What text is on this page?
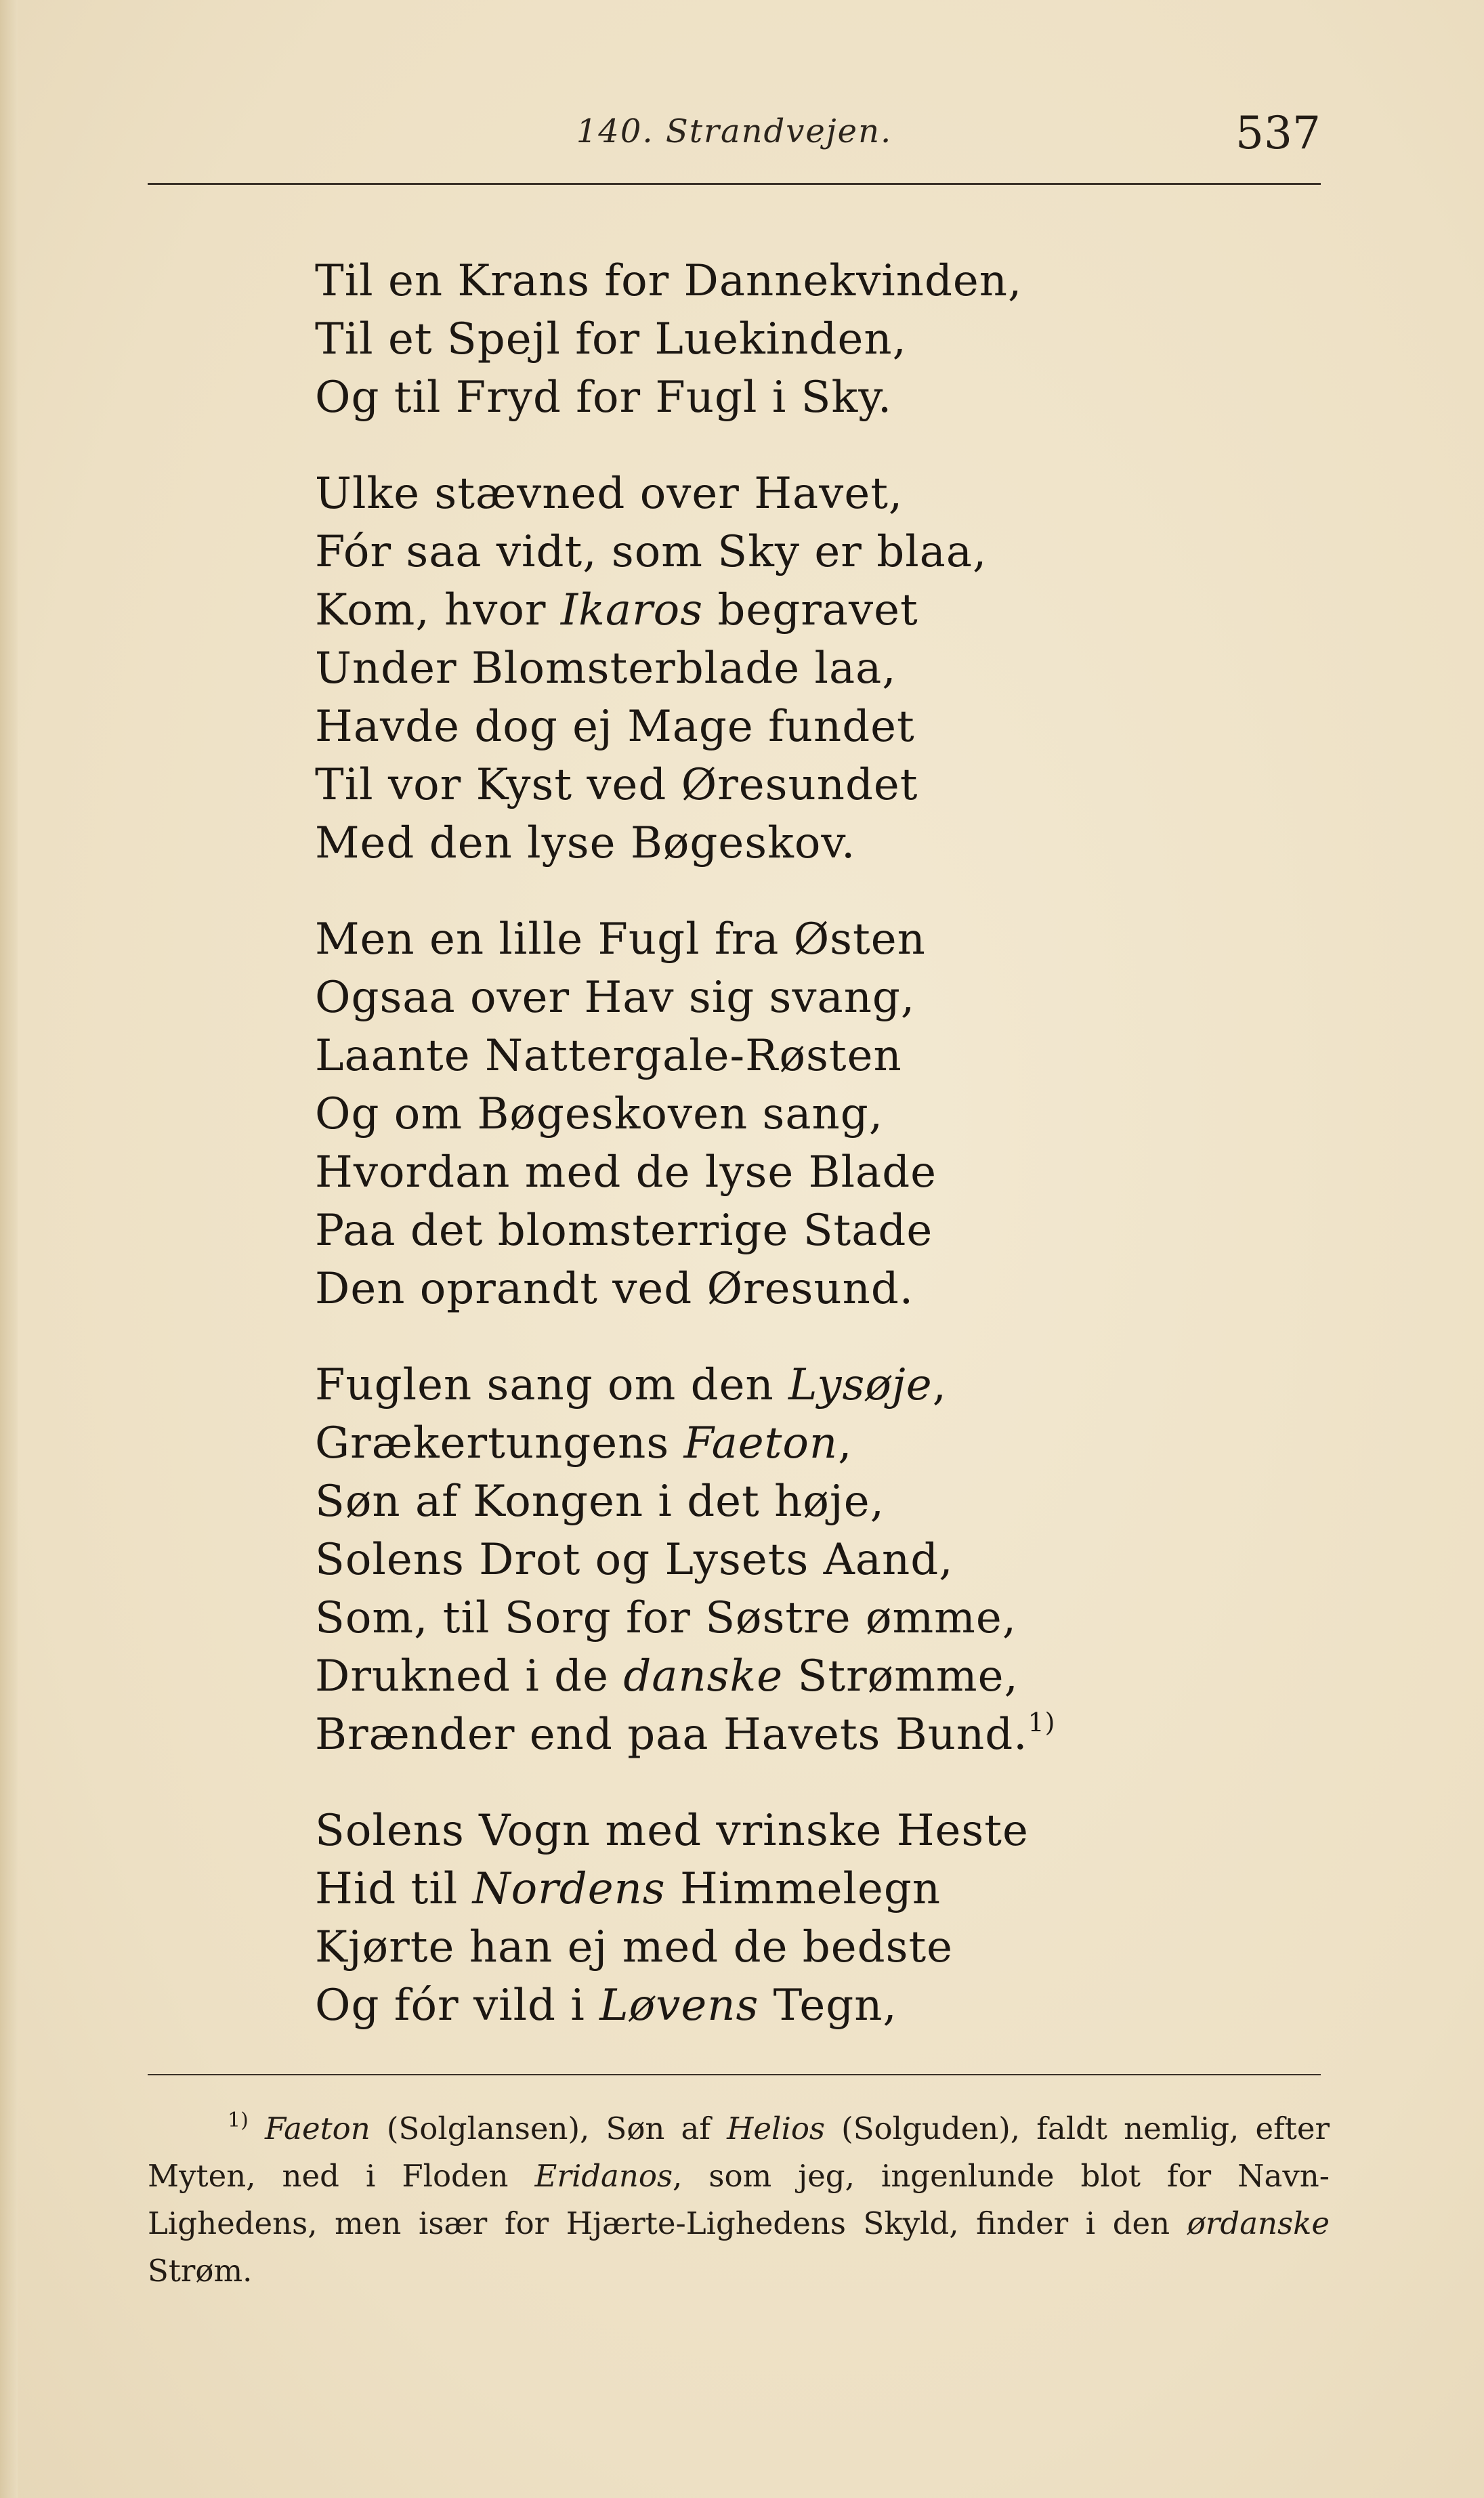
140. Strandvejen.	537
Til en Krans for Dannekvinden,
Til et Spejl for Luekinden,
Og til Fryd for Fugl i Sky.
Ulke stævned over Havet,
Fór saa vidt, som Sky er blaa,
Kom, hvor Ikaros begravet
Under Blomsterblade laa,
Havde dog ej Mage fundet
Til vor Kyst ved Øresundet
Med den lyse Bøgeskov.
Men en lille Fugl fra Østen
Ogsaa over Hav sig svang,
Laante Nattergale-Røsten
Og om Bøgeskoven sang,
Hvordan med de lyse Blade
Paa det blomsterrige Stade
Den oprandt ved Øresund.
Fuglen sang om den Lysøje,
Grækertungens Faeton,
Søn af Kongen i det høje,
Solens Drot og Lysets Aand,
Som, til Sorg for Søstre ømme,
Drukned i de danske Strømme,
Brænder end paa Havets Bund.$^{1)}$
Solens Vogn med vrinske Heste
Hid til Nordens Himmelegn
Kjørte han ej med de bedste
Og fór vild i Løvens Tegn,
$^{1)}$ Faeton (Solglansen), Søn af Helios (Solguden), faldt nemlig, efter Myten, ned i Floden Eridanos, som jeg, ingenlunde blot for Navn-Lighedens, men især for Hjærte-Lighedens Skyld, finder i den ørdanske Strøm.
